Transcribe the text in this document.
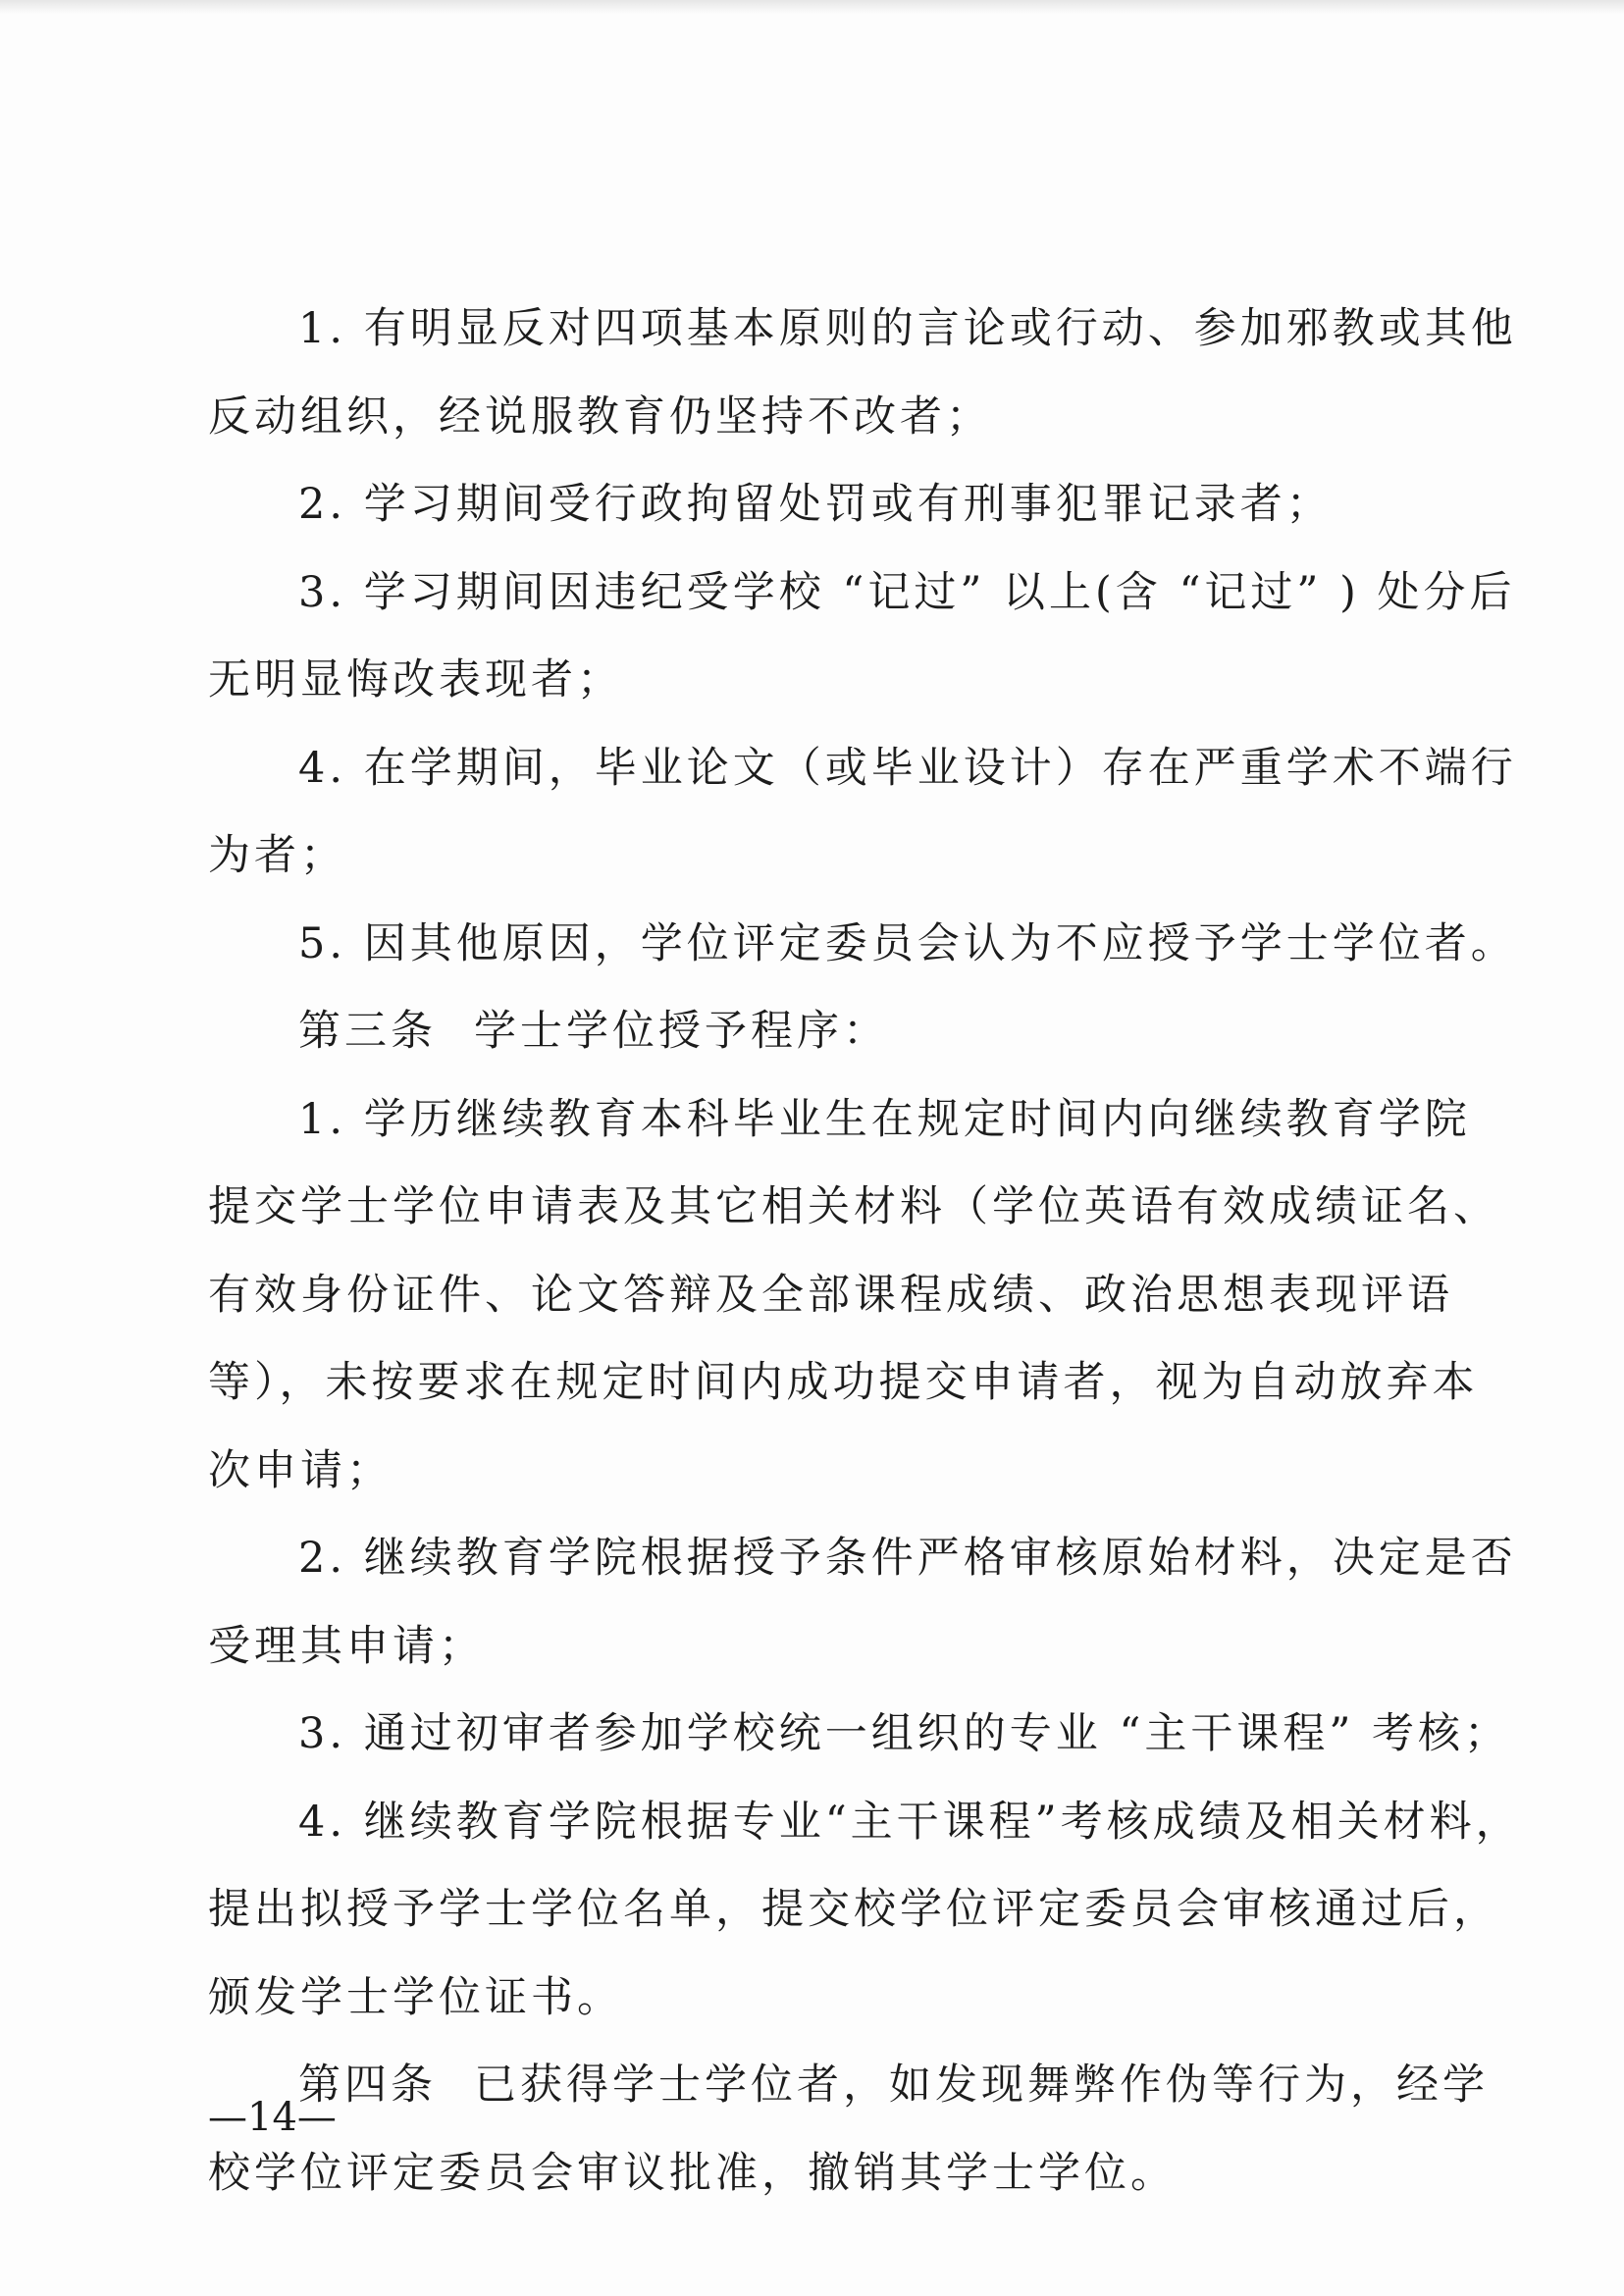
1. 有明显反对四项基本原则的言论或行动、参加邪教或其他

反动组织，经说服教育仍坚持不改者；

2. 学习期间受行政拘留处罚或有刑事犯罪记录者；

3. 学习期间因违纪受学校 “记过” 以上(含 “记过” ) 处分后

无明显悔改表现者；

4. 在学期间，毕业论文（或毕业设计）存在严重学术不端行

为者；

5. 因其他原因，学位评定委员会认为不应授予学士学位者。

第三条 学士学位授予程序：

1. 学历继续教育本科毕业生在规定时间内向继续教育学院

提交学士学位申请表及其它相关材料（学位英语有效成绩证名、

有效身份证件、论文答辩及全部课程成绩、政治思想表现评语

等），未按要求在规定时间内成功提交申请者，视为自动放弃本

次申请；

2. 继续教育学院根据授予条件严格审核原始材料，决定是否

受理其申请；

3. 通过初审者参加学校统一组织的专业 “主干课程” 考核；

4. 继续教育学院根据专业“主干课程”考核成绩及相关材料，

提出拟授予学士学位名单，提交校学位评定委员会审核通过后，

颁发学士学位证书。

第四条 已获得学士学位者，如发现舞弊作伪等行为，经学

校学位评定委员会审议批准，撤销其学士学位。

—14—
